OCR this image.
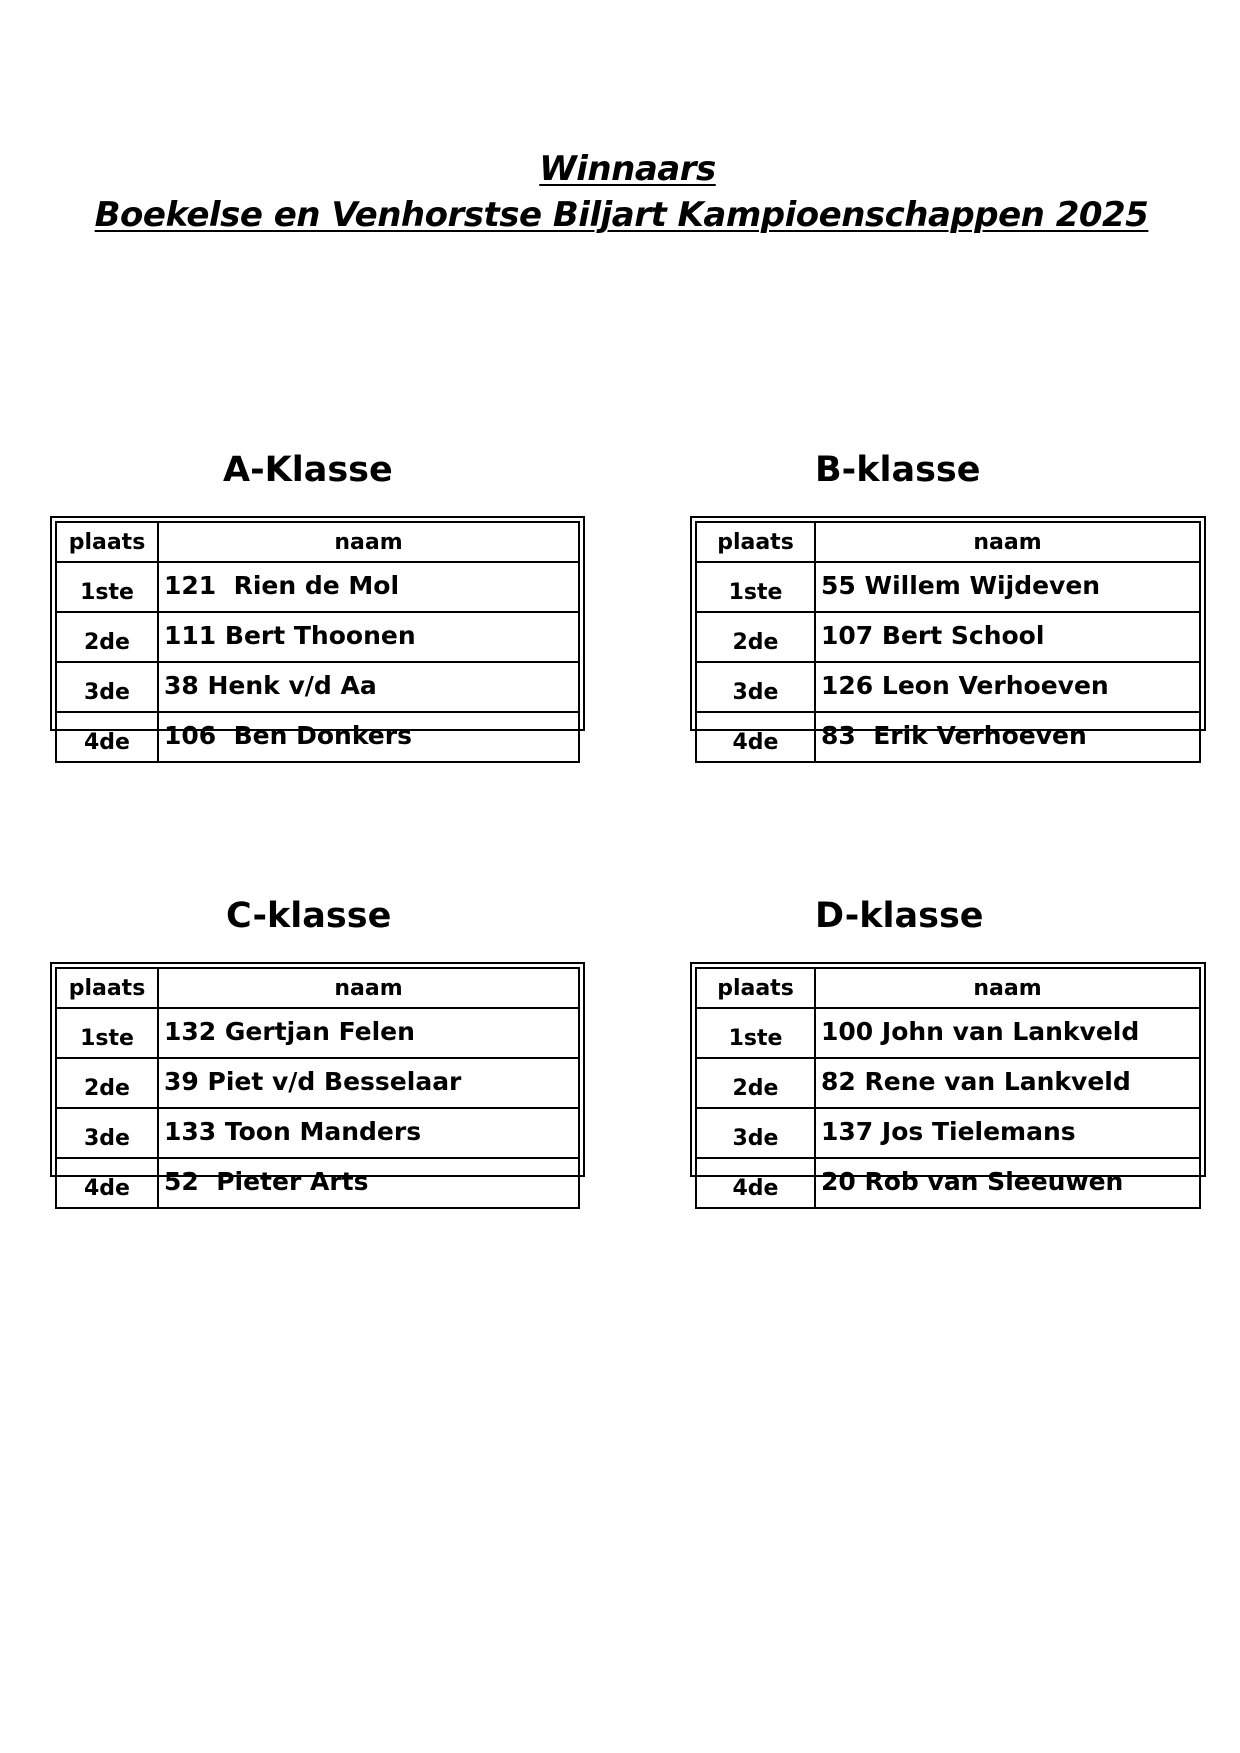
Winnaars
Boekelse en Venhorstse Biljart Kampioenschappen 2025
A-Klasse
plaats	naam
1ste	121  Rien de Mol
2de	111 Bert Thoonen
3de	38 Henk v/d Aa
4de	106  Ben Donkers
B-klasse
plaats	naam
1ste	55 Willem Wijdeven
2de	107 Bert School
3de	126 Leon Verhoeven
4de	83  Erik Verhoeven
C-klasse
plaats	naam
1ste	132 Gertjan Felen
2de	39 Piet v/d Besselaar
3de	133 Toon Manders
4de	52  Pieter Arts
D-klasse
plaats	naam
1ste	100 John van Lankveld
2de	82 Rene van Lankveld
3de	137 Jos Tielemans
4de	20 Rob van Sleeuwen
